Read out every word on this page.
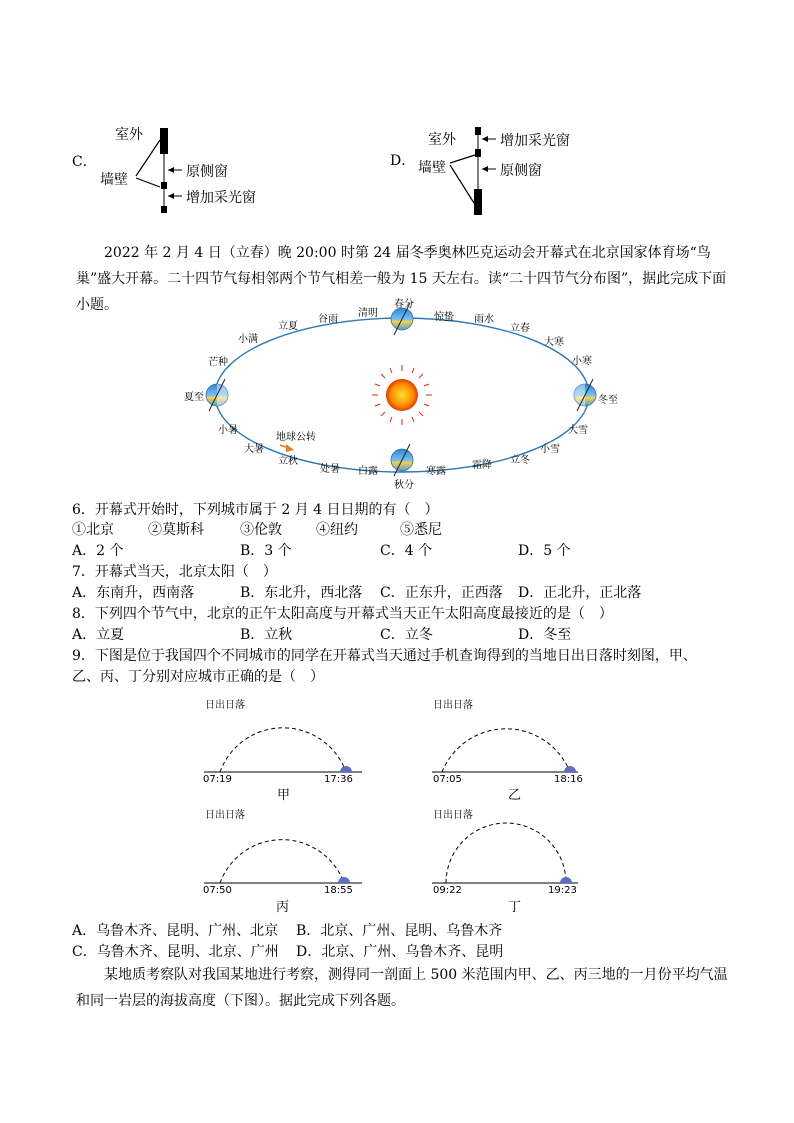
C．
室外
墙壁	原侧窗
增加采光窗
D．
室外
墙壁
增加采光窗
原侧窗
2022 年 2 月 4 日（立春）晚 20:00 时第 24 届冬季奥林匹克运动会开幕式在北京国家体育场“鸟巢”盛大开幕。二十四节气每相邻两个节气相差一般为 15 天左右。读“二十四节气分布图”，据此完成下面小题。	春分
清明
谷雨
立夏
小满
芒种
夏至
小暑
大暑
地球公转
立秋
处暑 白露
秋分
寒露
霜降 立冬
小雪
大雪
冬至
小寒
大寒
立春
雨水
惊蛰
6．开幕式开始时，下列城市属于 2 月 4 日日期的有（　）
①北京 ②莫斯科	③伦敦 ④纽约	⑤悉尼
A．2 个	B．3 个	C．4 个	D．5 个
7．开幕式当天，北京太阳（　）
A．东南升，西南落	B．东北升，西北落 C．正东升，正西落 D．正北升，正北落
8．下列四个节气中，北京的正午太阳高度与开幕式当天正午太阳高度最接近的是（　）
A．立夏	B．立秋	C．立冬	D．冬至
9．下图是位于我国四个不同城市的同学在开幕式当天通过手机查询得到的当地日出日落时刻图，甲、
乙、丙、丁分别对应城市正确的是（　）
日出日落
07:19	17:36
甲
日出日落
07:05	18:16
乙
日出日落
07:50	18:55
丙
日出日落
09:22	19:23
丁
A．乌鲁木齐、昆明、广州、北京 B．北京、广州、昆明、乌鲁木齐
C．乌鲁木齐、昆明、北京、广州 D．北京、广州、乌鲁木齐、昆明
某地质考察队对我国某地进行考察，测得同一剖面上 500 米范围内甲、乙、丙三地的一月份平均气温和同一岩层的海拔高度（下图）。据此完成下列各题。
